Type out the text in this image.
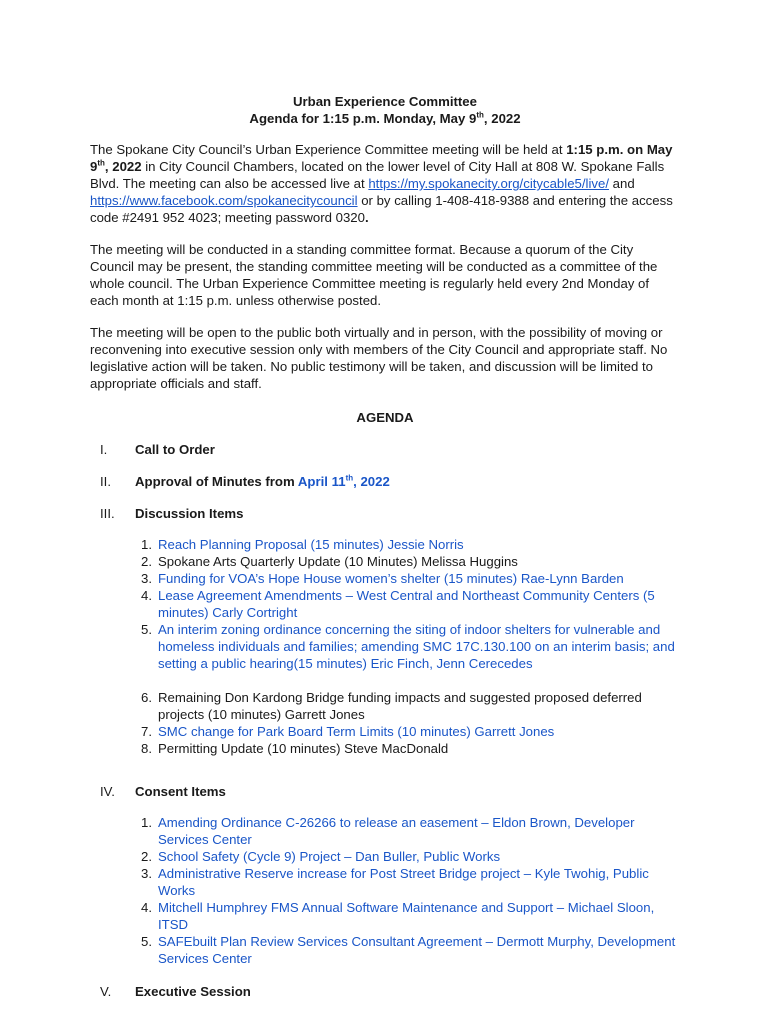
Urban Experience Committee

Agenda for 1:15 p.m. Monday, May 9th, 2022

The Spokane City Council’s Urban Experience Committee meeting will be held at 1:15 p.m. on May 9th, 2022 in City Council Chambers, located on the lower level of City Hall at 808 W. Spokane Falls Blvd. The meeting can also be accessed live at https://my.spokanecity.org/citycable5/live/ and https://www.facebook.com/spokanecitycouncil or by calling 1-408-418-9388 and entering the access code #2491 952 4023; meeting password 0320.

The meeting will be conducted in a standing committee format. Because a quorum of the City Council may be present, the standing committee meeting will be conducted as a committee of the whole council. The Urban Experience Committee meeting is regularly held every 2nd Monday of each month at 1:15 p.m. unless otherwise posted.

The meeting will be open to the public both virtually and in person, with the possibility of moving or reconvening into executive session only with members of the City Council and appropriate staff. No legislative action will be taken. No public testimony will be taken, and discussion will be limited to appropriate officials and staff.

AGENDA

I.	Call to Order
II.	Approval of Minutes from April 11th, 2022
III.	Discussion Items
1. Reach Planning Proposal (15 minutes) Jessie Norris
2. Spokane Arts Quarterly Update (10 Minutes) Melissa Huggins
3. Funding for VOA’s Hope House women’s shelter (15 minutes) Rae-Lynn Barden
4. Lease Agreement Amendments – West Central and Northeast Community Centers (5 minutes) Carly Cortright
5. An interim zoning ordinance concerning the siting of indoor shelters for vulnerable and homeless individuals and families; amending SMC 17C.130.100 on an interim basis; and setting a public hearing(15 minutes) Eric Finch, Jenn Cerecedes
6. Remaining Don Kardong Bridge funding impacts and suggested proposed deferred projects (10 minutes) Garrett Jones
7. SMC change for Park Board Term Limits (10 minutes) Garrett Jones
8. Permitting Update (10 minutes) Steve MacDonald
IV.	Consent Items
1. Amending Ordinance C-26266 to release an easement – Eldon Brown, Developer Services Center
2. School Safety (Cycle 9) Project – Dan Buller, Public Works
3. Administrative Reserve increase for Post Street Bridge project – Kyle Twohig, Public Works
4. Mitchell Humphrey FMS Annual Software Maintenance and Support – Michael Sloon, ITSD
5. SAFEbuilt Plan Review Services Consultant Agreement – Dermott Murphy, Development Services Center
V.	Executive Session
